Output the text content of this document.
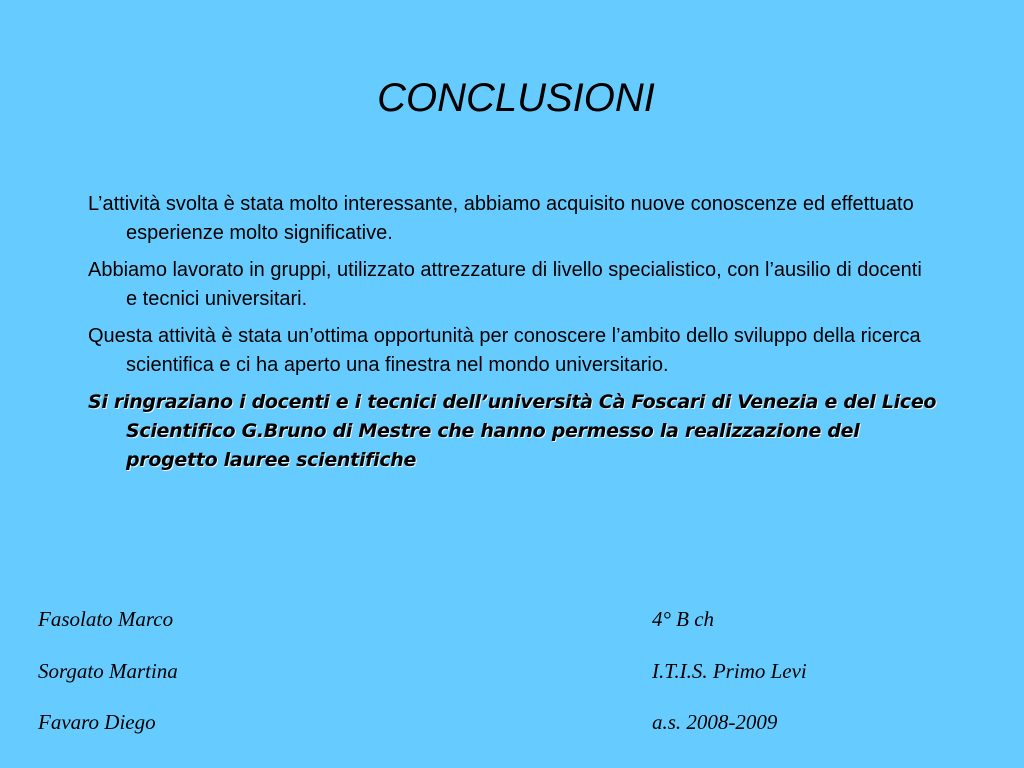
CONCLUSIONI
L’attività svolta è stata molto interessante, abbiamo acquisito nuove conoscenze ed effettuato esperienze molto significative.
Abbiamo lavorato in gruppi, utilizzato attrezzature di livello specialistico, con l’ausilio di docenti e tecnici universitari.
Questa attività è stata un’ottima opportunità per conoscere l’ambito dello sviluppo della ricerca scientifica e ci ha aperto una finestra nel mondo universitario.
Si ringraziano i docenti e i tecnici dell’università Cà Foscari di Venezia e del Liceo Scientifico G.Bruno di Mestre che hanno permesso la realizzazione del progetto lauree scientifiche

Fasolato Marco

Sorgato Martina

Favaro Diego

4° B ch

I.T.I.S. Primo Levi

a.s. 2008-2009
